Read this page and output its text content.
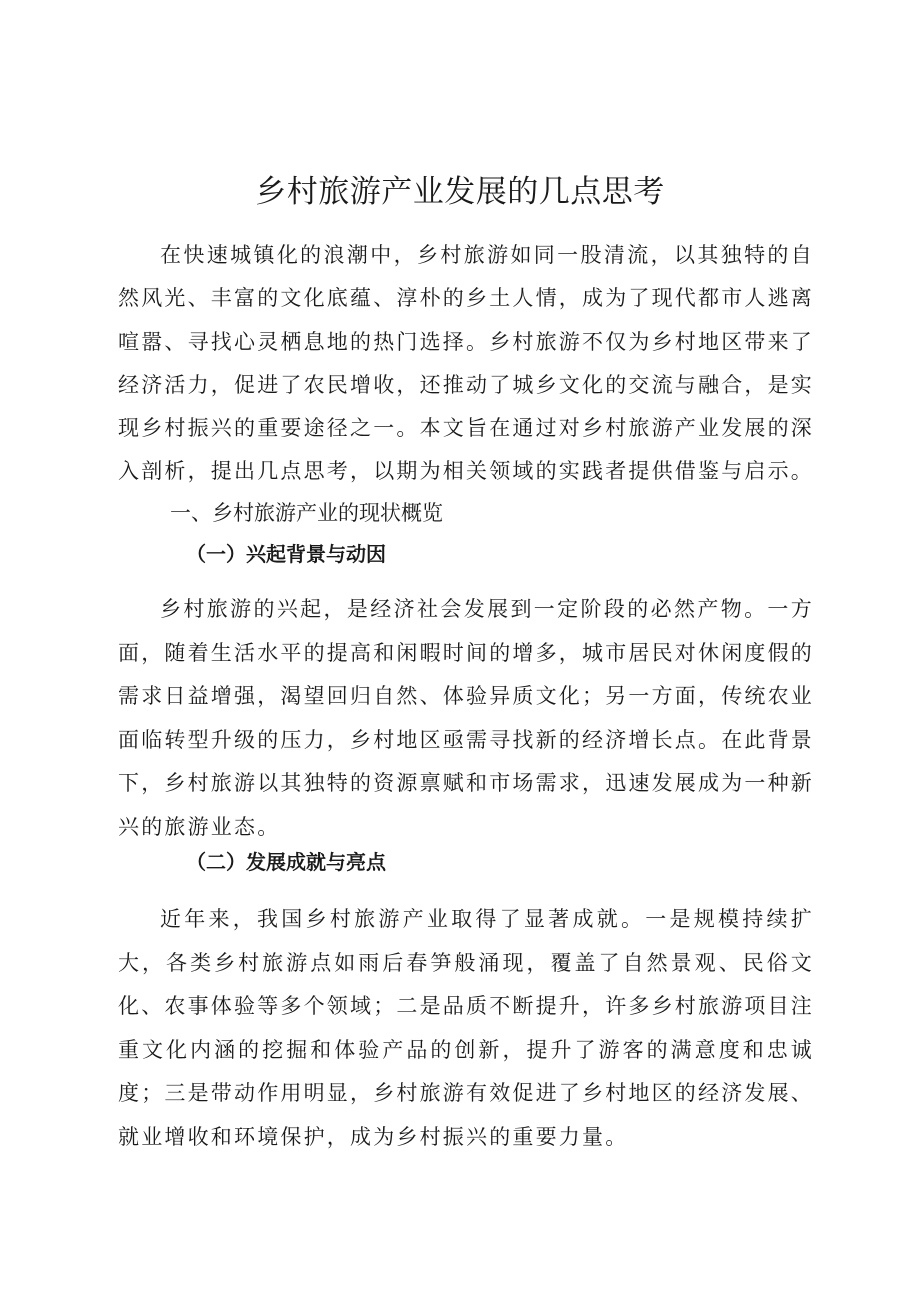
乡村旅游产业发展的几点思考

在快速城镇化的浪潮中，乡村旅游如同一股清流，以其独特的自然风光、丰富的文化底蕴、淳朴的乡土人情，成为了现代都市人逃离喧嚣、寻找心灵栖息地的热门选择。乡村旅游不仅为乡村地区带来了经济活力，促进了农民增收，还推动了城乡文化的交流与融合，是实现乡村振兴的重要途径之一。本文旨在通过对乡村旅游产业发展的深入剖析，提出几点思考，以期为相关领域的实践者提供借鉴与启示。

一、乡村旅游产业的现状概览
（一）兴起背景与动因

乡村旅游的兴起，是经济社会发展到一定阶段的必然产物。一方面，随着生活水平的提高和闲暇时间的增多，城市居民对休闲度假的需求日益增强，渴望回归自然、体验异质文化；另一方面，传统农业面临转型升级的压力，乡村地区亟需寻找新的经济增长点。在此背景下，乡村旅游以其独特的资源禀赋和市场需求，迅速发展成为一种新兴的旅游业态。

（二）发展成就与亮点

近年来，我国乡村旅游产业取得了显著成就。一是规模持续扩大，各类乡村旅游点如雨后春笋般涌现，覆盖了自然景观、民俗文化、农事体验等多个领域；二是品质不断提升，许多乡村旅游项目注重文化内涵的挖掘和体验产品的创新，提升了游客的满意度和忠诚度；三是带动作用明显，乡村旅游有效促进了乡村地区的经济发展、就业增收和环境保护，成为乡村振兴的重要力量。
